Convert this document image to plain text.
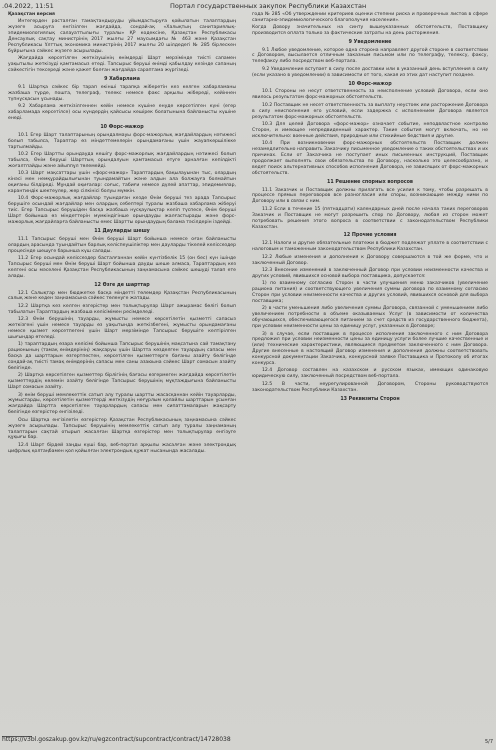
.04.2022, 11:51	Портал государственных закупок Республики Казахстан

Қазақстан версия

Интегерден расталған тамақтандыруды ұйымдастыруға қойылатын талаптардың жүзеге асыруға енгізілген жағдайда, сондай-ақ «Халықтың санитариялық-эпидемиологиялық салауаттылығы туралы» ҚР кодексіне, Қазақстан Республикасы Денсаулық сақтау министрінің 2017 жылғы 27 маусымдағы № 463 және Қазақстан Республикасы Ұлттық экономика министрінің 2017 жылғы 20 шілдедегі № 285 бірлескен бұйрығына сәйкес жүзеге асырылады.

Жағдайда көрсетілген жеткізушінің өнімдерді Шарт мерзімінде тиісті сапамен уақытылы жеткізуді қамтамасыз етеді. Тапсырыс беруші өнімді қабылдау кезінде сапаның сәйкестігін тексереді және қажет болған жағдайда сараптама жүргізеді.

9 Хабарлама

9.1 Шартқа сәйкес бір тарап екінші тарапқа жіберетін кез келген хабарламаны жазбаша түрде, пошта, телеграф, телекс немесе факс арқылы жібереді, кейіннен түпнұсқасын ұсынады.

9.2 Хабарлама жеткізілгеннен кейін немесе күшіне енуде көрсетілген күнi (егер хабарламада көрсетілсе) осы күндердің қайсысы кешірек болатынына байланысты күшіне енеді.

10 Форс-мажор

10.1 Егер Шарт талаптарының орындалмауы форс-мажорлық жағдайлардың нәтижесі болып табылса, Тараптар өз міндеттемелерін орындамағаны үшін жауапкершілікке тартылмайды.

10.2 Егер Шартты орындауда кешігу форс-мажорлық жағдайлардың нәтижесі болып табылса, Өнім берушi Шарттың орындалуын қамтамасыз етуге арналған кепілдікті жоғалтпайды және айыппұл төлемейді.

10.3 Шарт мақсаттары үшін «форс-мажор» Тараптардың бақылауынан тыс, олардың кінәсі мен немқұрайдылығынан туындамайтын және алдын ала болжауға болмайтын оқиғаны білдіреді. Мұндай оқиғалар: соғыс, табиғи немесе дүлей апаттар, эпидемиялар, карантиндік шектеулер, жер сілкінісі болуы мүмкін.

10.4 Форс-мажорлық жағдайлар туындаған кезде Өнім берушi тез арада Тапсырыс берушіге осындай жағдайлар мен олардың себептері туралы жазбаша хабарлама жіберуі тиіс. Егер Тапсырыс берушіден басқа жазбаша нұсқаулықтар келіп түспесе, Өнім берушi Шарт бойынша өз міндеттерін мүмкіндігінше орындауды жалғастырады және форс-мажорлық жағдайларға байланысты емес Шартты орындаудың балама тәсілдерін іздейді.

11 Дауларды шешу

11.1 Тапсырыс беруші мен Өнім беруші Шарт бойынша немесе оған байланысты олардың арасында туындайтын барлық келіспеушіліктер мен дауларды тікелей келіссөздер процесінде шешуге барынша күш салады.

11.2 Егер осындай келіссөздер басталғаннан кейін күнтізбелік 15 (он бес) күн ішінде Тапсырыс беруші мен Өнім беруші Шарт бойынша дауды шеше алмаса, Тараптардың кез келгені осы мәселені Қазақстан Республикасының заңнамасына сәйкес шешуді талап ете алады.

12 Өзге де шарттар

12.1 Салықтар мен бюджетке басқа міндетті төлемдер Қазақстан Республикасының салық және кеден заңнамасына сәйкес төленуге жатады.

12.2 Шартқа кез келген өзгерістер мен толықтырулар Шарт ажырамас бөлігі болып табылатын Тараптардың жазбаша келісімімен ресімделеді.

12.3 Өнім берушінің тауарды, жұмысты немесе көрсетілетін қызметті сапасыз жеткізгені үшін немесе тауарды өз уақытында жеткізбегені, жұмысты орындамағаны немесе қызмет көрсетпегені үшін Шарт мерзімінде Тапсырыс берушіге келтірілген шығындар өтеледі.

1) тараптардың өзара келісімі бойынша Тапсырыс берушінің мақсатына сай тамақтану рационының (тамақ өнімдерінің) жақсаруы үшін Шартта көзделген тауардың сапасы мен басқа да шарттарын өзгертпестен, көрсетілген қызметтерге бағаны азайту бөлігінде сондай-ақ тиісті тамақ өнімдерінің сапасы мен саны азаюына сәйкес Шарт сомасын азайту бөлігінде.

2) Шартқа көрсетілген қызметтер бірлігінің бағасы өзгермеген жағдайда көрсетілетін қызметтердің көлемін азайту бөлігінде Тапсырыс берушінің мұқтаждығына байланысты Шарт сомасын азайту.

3) өнім беруші мемлекеттік сатып алу туралы шартты жасасқаннан кейін тауарларды, жұмыстарды, көрсетілетін қызметтерді жеткізудің неғұрлым қолайлы шарттарын ұсынған жағдайда Шартта көрсетілген тауарлардың сапасы мен сипаттамаларын жақсарту бөлігінде өзгерістер енгізіледі.

Осы Шартқа енгізілетін өзгерістер Қазақстан Республикасының заңнамасына сәйкес жүзеге асырылады. Тапсырыс берушінің мемлекеттік сатып алу туралы заңнаманың талаптарын сақтай отырып жасалған Шартқа өзгерістер мен толықтырулар енгізуге құқығы бар.

12.4 Шарт бірдей заңды күші бар, веб-портал арқылы жасалған және электрондық цифрлық қолтаңбамен қол қойылған электрондық құжат нысанында жасалады.

года № 285 «Об утверждении критериев оценки степени риска и проверочных листов в сфере санитарно-эпидемиологического благополучия населения».

Когда Довору значительных на синту вышеуказанных обстоятельств, Поставщику производится оплата только за фактические затраты на день расторжения.

9 Уведомление

9.1 Любое уведомление, которое одна сторона направляет другой стороне в соответствии с Договором, высылается отличным заказным письмом или по телеграфу, телексу, факсу, телефаксу либо посредством веб-портала.

9.2 Уведомление вступает в силу после доставки или в указанный день вступления в силу (если указано в уведомлении) в зависимости от того, какая из этих дат наступит позднее.

10 Форс-мажор

10.1 Стороны не несут ответственность за неисполнение условий Договора, если оно явилось результатом форс-мажорных обстоятельств.

10.2 Поставщик не несет ответственность за выплату неустоек или расторжение Договора в силу неисполнения его условий, если задержка с исполнением Договора является результатом форс-мажорных обстоятельств.

10.3 Для целей Договора «форс-мажор» означает событие, неподвластное контролю Сторон, и имеющее непредвиденный характер. Такие события могут включать, но не исключительно: военные действия, природные или стихийные бедствия и другие.

10.4 При возникновении форс-мажорных обстоятельств Поставщик должен незамедлительно направить Заказчику письменное уведомление о таких обстоятельствах и их причинах. Если от Заказчика не поступает иных письменных инструкций, Поставщик продолжает выполнять свои обязательства по Договору, насколько это целесообразно, и ведет поиск альтернативных способов исполнения Договора, не зависящих от форс-мажорных обстоятельств.

11 Решение спорных вопросов

11.1 Заказчик и Поставщик должны прилагать все усилия к тому, чтобы разрешать в процессе прямых переговоров все разногласия или споры, возникающие между ними по Договору или в связи с ним.

11.2 Если в течение 15 (пятнадцати) календарных дней после начала таких переговоров Заказчик и Поставщик не могут разрешить спор по Договору, любая из сторон может потребовать решения этого вопроса в соответствии с законодательством Республики Казахстан.

12 Прочие условия

12.1 Налоги и другие обязательные платежи в бюджет подлежат уплате в соответствии с налоговым и таможенным законодательством Республики Казахстан.

12.2 Любые изменения и дополнения к Договору совершаются в той же форме, что и заключенный Договор.

12.3 Внесение изменений в заключенный Договор при условии неизменности качества и других условий, явившихся основой выбора поставщика, допускается:

1) по взаимному согласию Сторон в части улучшения меню заказчиков (увеличение рациона питания) и соответствующего увеличения суммы договора по взаимному согласию Сторон при условии неизменности качества и других условий, явившихся основой для выбора поставщика;

2) в части уменьшения либо увеличения суммы Договора, связанной с уменьшением либо увеличением потребности в объеме оказываемых Услуг (в зависимости от количества обучающихся, обеспечивающегося питанием за счет средств из государственного бюджета), при условии неизменности цены за единицу услуг, указанных в Договоре;

3) в случае, если поставщик в процессе исполнения заключенного с ним Договора предложил при условии неизменности цены за единицу услуги более лучшие качественные и (или) технические характеристики, являющиеся предметом заключенного с ним Договора. Другие внесенные в настоящий Договор изменения и дополнения должны соответствовать конкурсной документации Заказчика, конкурсной заявке Поставщика и Протоколу об итогах конкурса.

12.4 Договор составлен на казахском и русском языках, имеющих одинаковую юридическую силу, заключенный посредством веб-портала.

12.5 В части, неурегулированной Договором, Стороны руководствуются законодательством Республики Казахстан.

13 Реквизиты Сторон
https://v3bl.goszakup.gov.kz/ru/egzcontract/supcontract/contract/14728038	5/7
